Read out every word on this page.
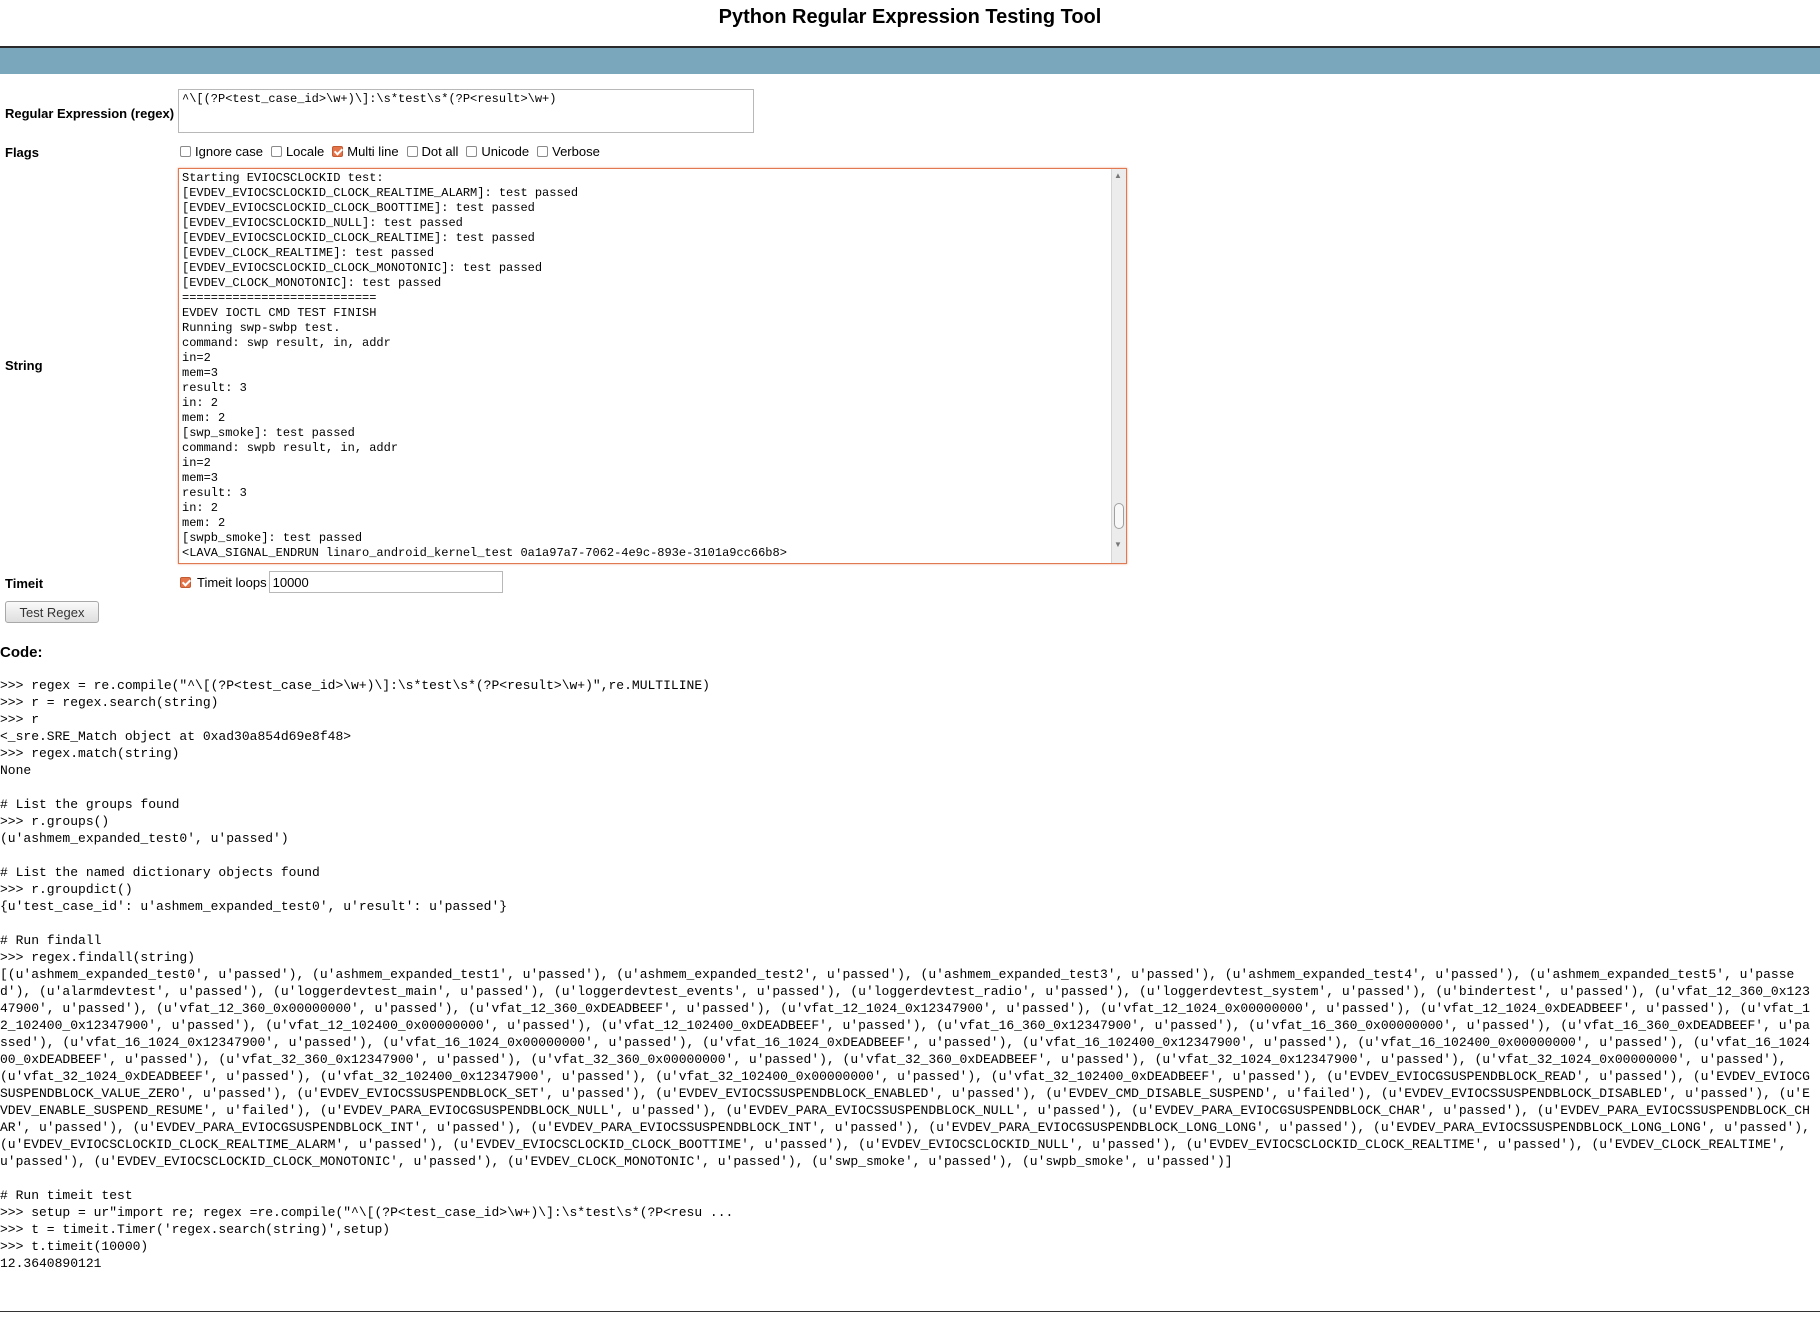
Python Regular Expression Testing Tool
Regular Expression (regex)
^\[(?P<test_case_id>\w+)\]:\s*test\s*(?P<result>\w+)
Flags	Ignore case Locale Multi line Dot all Unicode Verbose
String
Starting EVIOCSCLOCKID test:
[EVDEV_EVIOCSCLOCKID_CLOCK_REALTIME_ALARM]: test passed
[EVDEV_EVIOCSCLOCKID_CLOCK_BOOTTIME]: test passed
[EVDEV_EVIOCSCLOCKID_NULL]: test passed
[EVDEV_EVIOCSCLOCKID_CLOCK_REALTIME]: test passed
[EVDEV_CLOCK_REALTIME]: test passed
[EVDEV_EVIOCSCLOCKID_CLOCK_MONOTONIC]: test passed
[EVDEV_CLOCK_MONOTONIC]: test passed
===========================
EVDEV IOCTL CMD TEST FINISH
Running swp-swbp test.
command: swp result, in, addr
in=2
mem=3
result: 3
in: 2
mem: 2
[swp_smoke]: test passed
command: swpb result, in, addr
in=2
mem=3
result: 3
in: 2
mem: 2
[swpb_smoke]: test passed
<LAVA_SIGNAL_ENDRUN linaro_android_kernel_test 0a1a97a7-7062-4e9c-893e-3101a9cc66b8>
▲
▼
Timeit	Timeit loops
10000
Test Regex
Code:
>>> regex = re.compile("^\[(?P<test_case_id>\w+)\]:\s*test\s*(?P<result>\w+)",re.MULTILINE)
>>> r = regex.search(string)
>>> r
<_sre.SRE_Match object at 0xad30a854d69e8f48>
>>> regex.match(string)
None

# List the groups found
>>> r.groups()
(u'ashmem_expanded_test0', u'passed')

# List the named dictionary objects found
>>> r.groupdict()
{u'test_case_id': u'ashmem_expanded_test0', u'result': u'passed'}

# Run findall
>>> regex.findall(string)
[(u'ashmem_expanded_test0', u'passed'), (u'ashmem_expanded_test1', u'passed'), (u'ashmem_expanded_test2', u'passed'), (u'ashmem_expanded_test3', u'passed'), (u'ashmem_expanded_test4', u'passed'), (u'ashmem_expanded_test5', u'passed'), (u'alarmdevtest', u'passed'), (u'loggerdevtest_main', u'passed'), (u'loggerdevtest_events', u'passed'), (u'loggerdevtest_radio', u'passed'), (u'loggerdevtest_system', u'passed'), (u'bindertest', u'passed'), (u'vfat_12_360_0x12347900', u'passed'), (u'vfat_12_360_0x00000000', u'passed'), (u'vfat_12_360_0xDEADBEEF', u'passed'), (u'vfat_12_1024_0x12347900', u'passed'), (u'vfat_12_1024_0x00000000', u'passed'), (u'vfat_12_1024_0xDEADBEEF', u'passed'), (u'vfat_12_102400_0x12347900', u'passed'), (u'vfat_12_102400_0x00000000', u'passed'), (u'vfat_12_102400_0xDEADBEEF', u'passed'), (u'vfat_16_360_0x12347900', u'passed'), (u'vfat_16_360_0x00000000', u'passed'), (u'vfat_16_360_0xDEADBEEF', u'passed'), (u'vfat_16_1024_0x12347900', u'passed'), (u'vfat_16_1024_0x00000000', u'passed'), (u'vfat_16_1024_0xDEADBEEF', u'passed'), (u'vfat_16_102400_0x12347900', u'passed'), (u'vfat_16_102400_0x00000000', u'passed'), (u'vfat_16_102400_0xDEADBEEF', u'passed'), (u'vfat_32_360_0x12347900', u'passed'), (u'vfat_32_360_0x00000000', u'passed'), (u'vfat_32_360_0xDEADBEEF', u'passed'), (u'vfat_32_1024_0x12347900', u'passed'), (u'vfat_32_1024_0x00000000', u'passed'), (u'vfat_32_1024_0xDEADBEEF', u'passed'), (u'vfat_32_102400_0x12347900', u'passed'), (u'vfat_32_102400_0x00000000', u'passed'), (u'vfat_32_102400_0xDEADBEEF', u'passed'), (u'EVDEV_EVIOCGSUSPENDBLOCK_READ', u'passed'), (u'EVDEV_EVIOCGSUSPENDBLOCK_VALUE_ZERO', u'passed'), (u'EVDEV_EVIOCSSUSPENDBLOCK_SET', u'passed'), (u'EVDEV_EVIOCSSUSPENDBLOCK_ENABLED', u'passed'), (u'EVDEV_CMD_DISABLE_SUSPEND', u'failed'), (u'EVDEV_EVIOCSSUSPENDBLOCK_DISABLED', u'passed'), (u'EVDEV_ENABLE_SUSPEND_RESUME', u'failed'), (u'EVDEV_PARA_EVIOCGSUSPENDBLOCK_NULL', u'passed'), (u'EVDEV_PARA_EVIOCSSUSPENDBLOCK_NULL', u'passed'), (u'EVDEV_PARA_EVIOCGSUSPENDBLOCK_CHAR', u'passed'), (u'EVDEV_PARA_EVIOCSSUSPENDBLOCK_CHAR', u'passed'), (u'EVDEV_PARA_EVIOCGSUSPENDBLOCK_INT', u'passed'), (u'EVDEV_PARA_EVIOCSSUSPENDBLOCK_INT', u'passed'), (u'EVDEV_PARA_EVIOCGSUSPENDBLOCK_LONG_LONG', u'passed'), (u'EVDEV_PARA_EVIOCSSUSPENDBLOCK_LONG_LONG', u'passed'), (u'EVDEV_EVIOCSCLOCKID_CLOCK_REALTIME_ALARM', u'passed'), (u'EVDEV_EVIOCSCLOCKID_CLOCK_BOOTTIME', u'passed'), (u'EVDEV_EVIOCSCLOCKID_NULL', u'passed'), (u'EVDEV_EVIOCSCLOCKID_CLOCK_REALTIME', u'passed'), (u'EVDEV_CLOCK_REALTIME', u'passed'), (u'EVDEV_EVIOCSCLOCKID_CLOCK_MONOTONIC', u'passed'), (u'EVDEV_CLOCK_MONOTONIC', u'passed'), (u'swp_smoke', u'passed'), (u'swpb_smoke', u'passed')]

# Run timeit test
>>> setup = ur"import re; regex =re.compile("^\[(?P<test_case_id>\w+)\]:\s*test\s*(?P<resu ...
>>> t = timeit.Timer('regex.search(string)',setup)
>>> t.timeit(10000)
12.3640890121
